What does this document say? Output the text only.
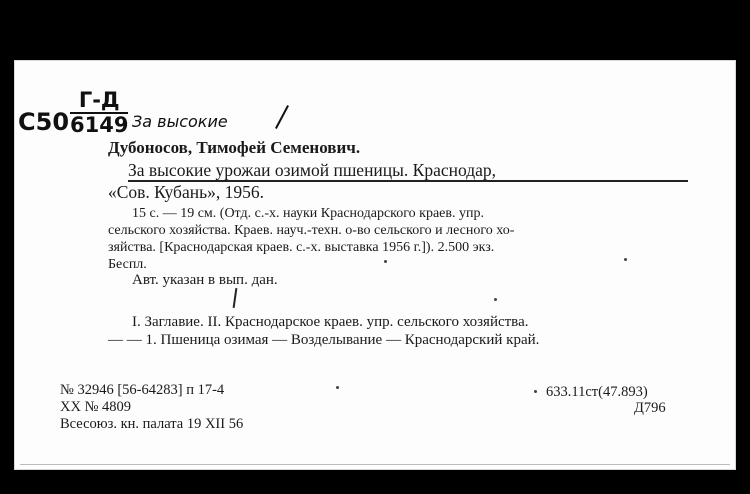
С50
Г-Д
6149 За высокие
Дубоносов, Тимофей Семенович.
За высокие урожаи озимой пшеницы. Краснодар,
«Сов. Кубань», 1956.
15 с. — 19 см. (Отд. с.-х. науки Краснодарского краев. упр.
сельского хозяйства. Краев. науч.-техн. о-во сельского и лесного хо-
зяйства. [Краснодарская краев. с.-х. выставка 1956 г.]). 2.500 экз.
Беспл.
Авт. указан в вып. дан.
I. Заглавие. II. Краснодарское краев. упр. сельского хозяйства.
— — 1. Пшеница озимая — Возделывание — Краснодарский край.
№ 32946 [56-64283] п 17-4
XX № 4809
Всесоюз. кн. палата 19 XII 56
633.11ст(47.893)
Д796
